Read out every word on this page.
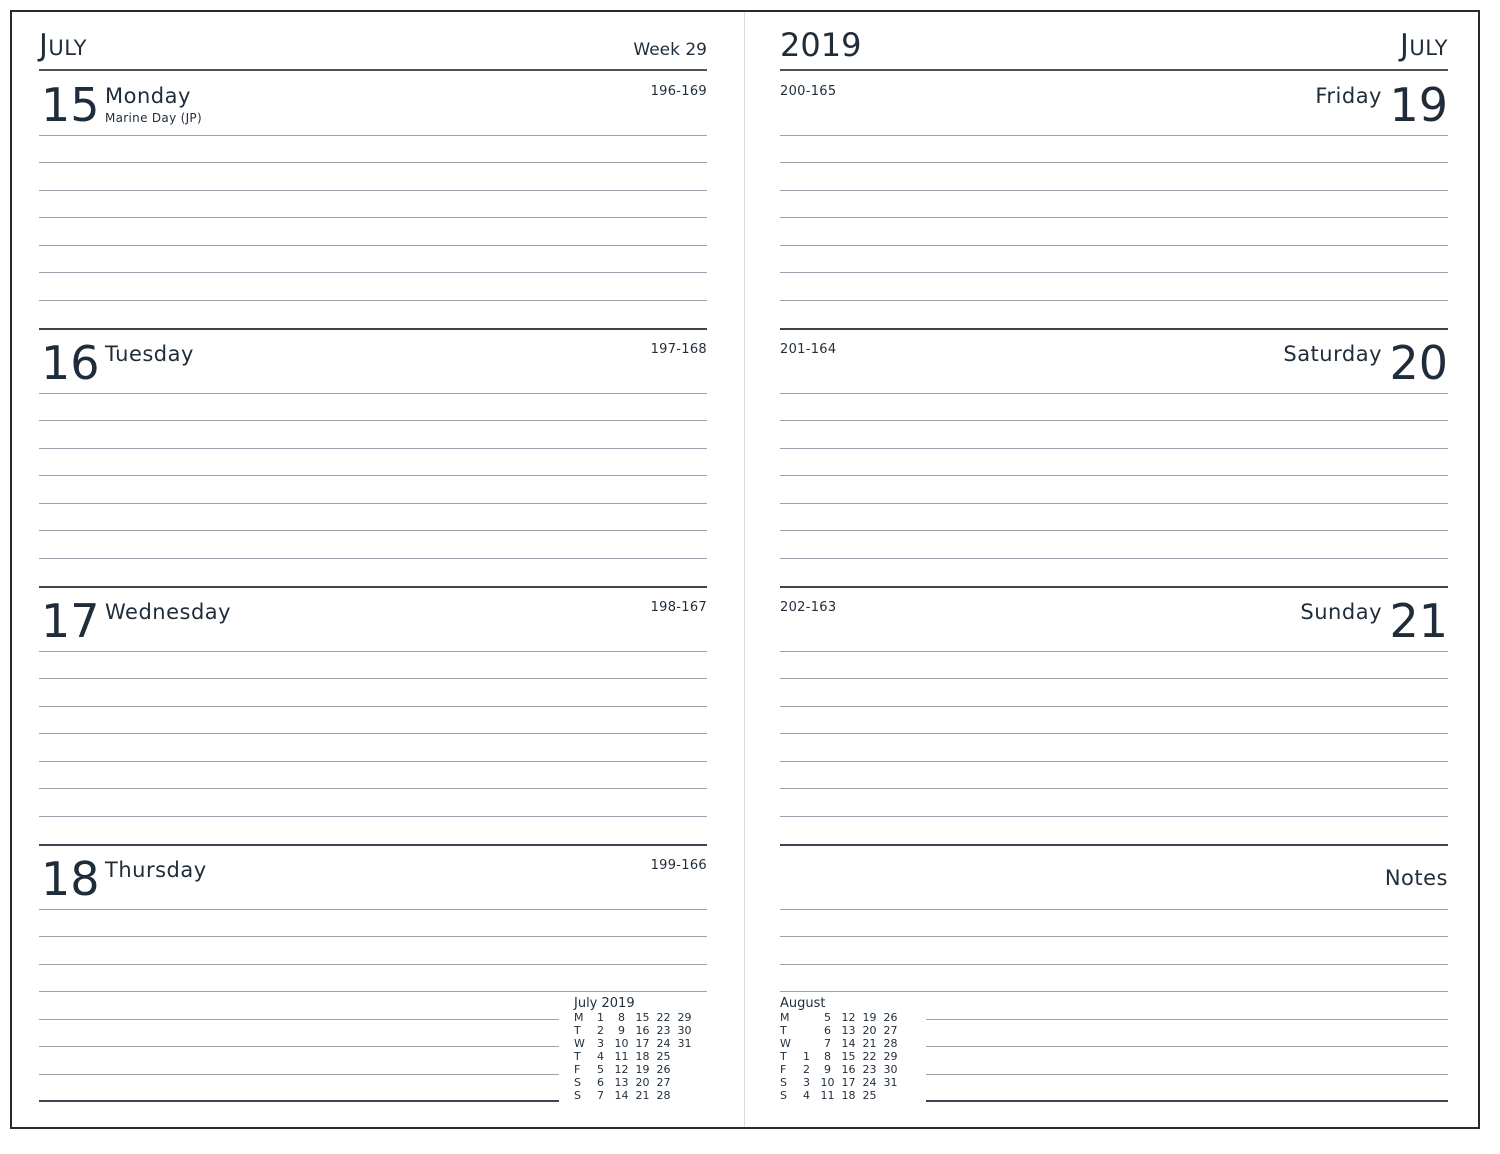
July	Week 29
15 Monday
Marine Day (JP)
196-169
16 Tuesday	197-168
17 Wednesday	198-167
18 Thursday	199-166
July 2019
M	1	8	15	22	29
T	2	9	16	23	30
W	3	10	17	24	31
T	4	11	18	25	
F	5	12	19	26	
S	6	13	20	27	
S	7	14	21	28	
2019	July
19
Friday
200-165
20
Saturday
201-164
21
Sunday
202-163
Notes
August
M		5	12	19	26
T		6	13	20	27
W		7	14	21	28
T	1	8	15	22	29
F	2	9	16	23	30
S	3	10	17	24	31
S	4	11	18	25	
